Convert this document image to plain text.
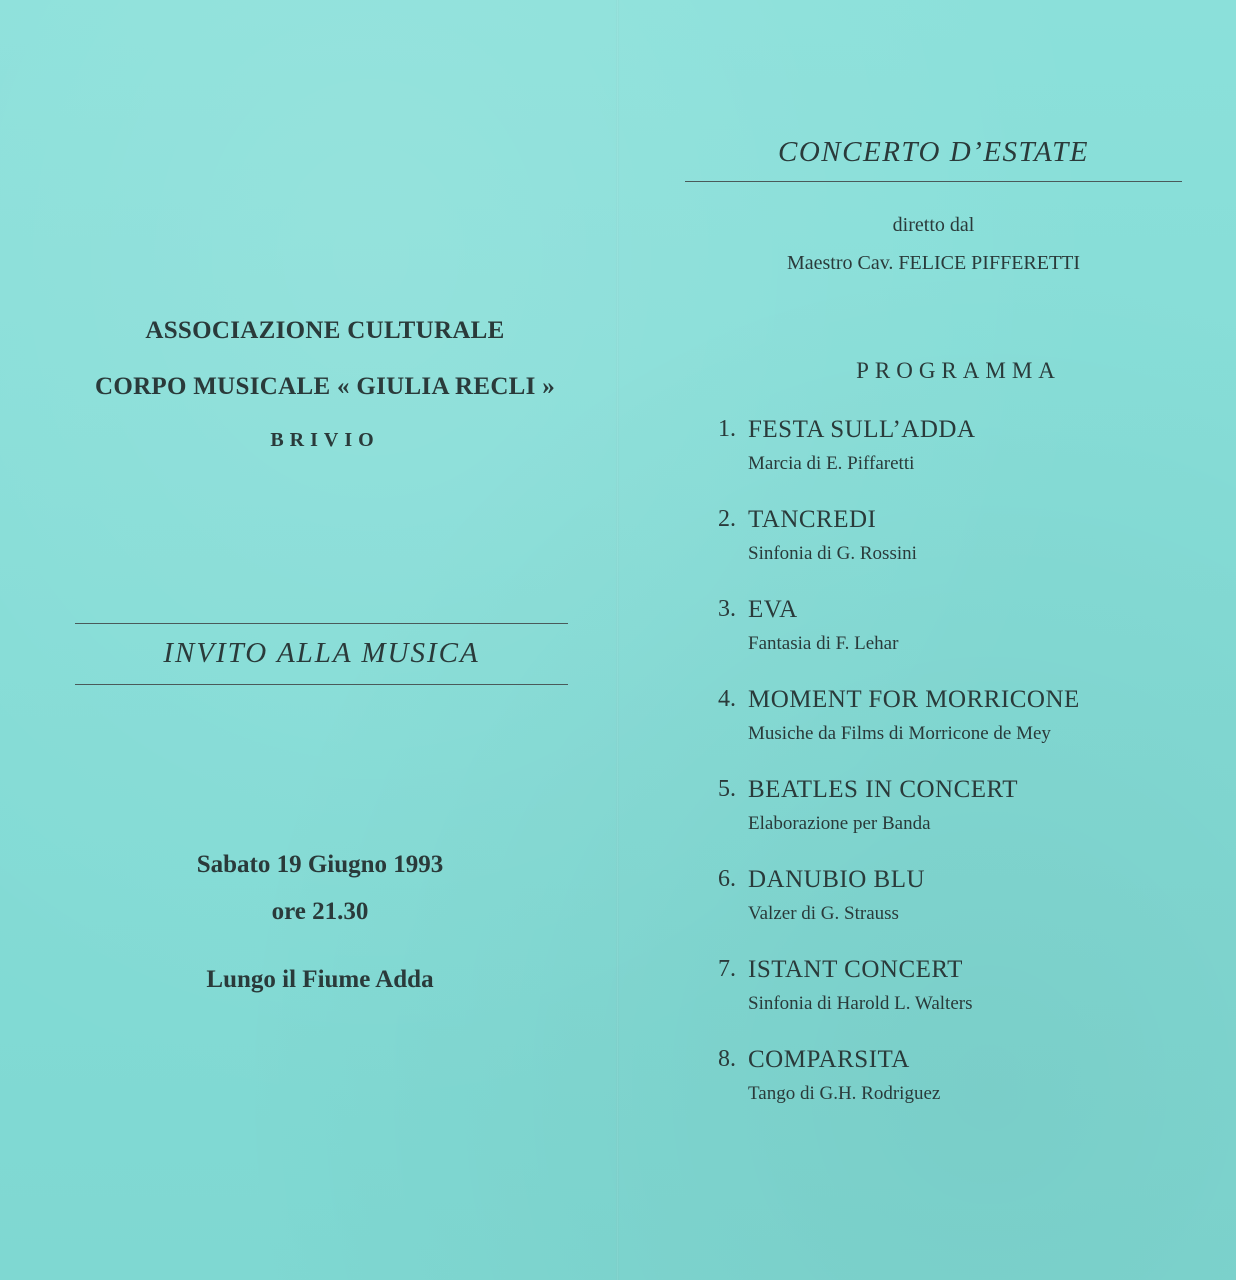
ASSOCIAZIONE CULTURALE
CORPO MUSICALE « GIULIA RECLI »
BRIVIO
INVITO ALLA MUSICA
Sabato 19 Giugno 1993
ore 21.30
Lungo il Fiume Adda
CONCERTO D’ESTATE
diretto dal
Maestro Cav. FELICE PIFFERETTI
PROGRAMMA
1. FESTA SULL’ADDA
Marcia di E. Piffaretti
2. TANCREDI
Sinfonia di G. Rossini
3. EVA
Fantasia di F. Lehar
4. MOMENT FOR MORRICONE
Musiche da Films di Morricone de Mey
5. BEATLES IN CONCERT
Elaborazione per Banda
6. DANUBIO BLU
Valzer di G. Strauss
7. ISTANT CONCERT
Sinfonia di Harold L. Walters
8. COMPARSITA
Tango di G.H. Rodriguez
